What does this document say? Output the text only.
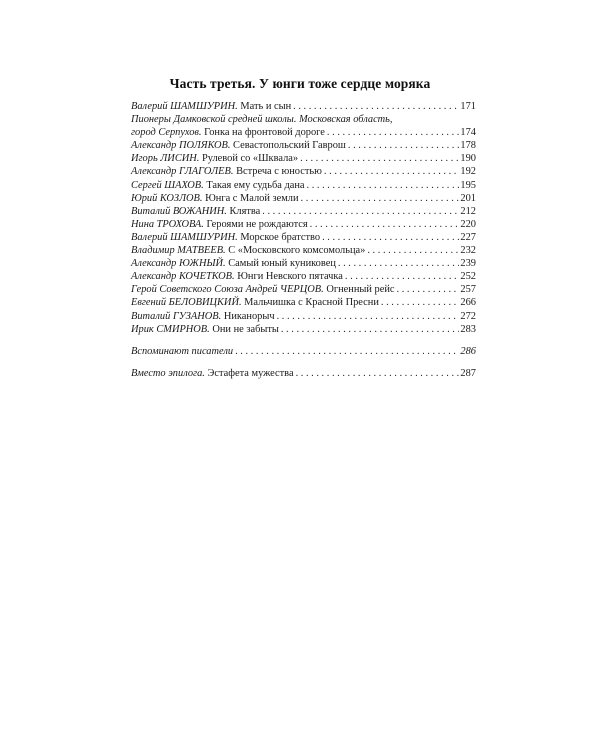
Часть третья. У юнги тоже сердце моряка
Валерий ШАМШУРИН. Мать и сын . . .	171
Пионеры Дамковской средней школы. Московская область,
город Серпухов. Гонка на фронтовой дороге . . .	174
Александр ПОЛЯКОВ. Севастопольский Гаврош . . .	178
Игорь ЛИСИН. Рулевой со «Шквала» . . .	190
Александр ГЛАГОЛЕВ. Встреча с юностью . . .	192
Сергей ШАХОВ. Такая ему судьба дана . . .	195
Юрий КОЗЛОВ. Юнга с Малой земли . . .	201
Виталий ВОЖАНИН. Клятва . . .	212
Нина ТРОХОВА. Героями не рождаются . . .	220
Валерий ШАМШУРИН. Морское братство . . .	227
Владимир МАТВЕЕВ. С «Московского комсомольца» . . .	232
Александр ЮЖНЫЙ. Самый юный куниковец . . .	239
Александр КОЧЕТКОВ. Юнги Невского пятачка . . .	252
Герой Советского Союза Андрей ЧЕРЦОВ. Огненный рейс . . .	257
Евгений БЕЛОВИЦКИЙ. Мальчишка с Красной Пресни . . .	266
Виталий ГУЗАНОВ. Никанорыч . . .	272
Ирик СМИРНОВ. Они не забыты . . .	283
Вспоминают писатели . . .	286
Вместо эпилога. Эстафета мужества . . .	287
